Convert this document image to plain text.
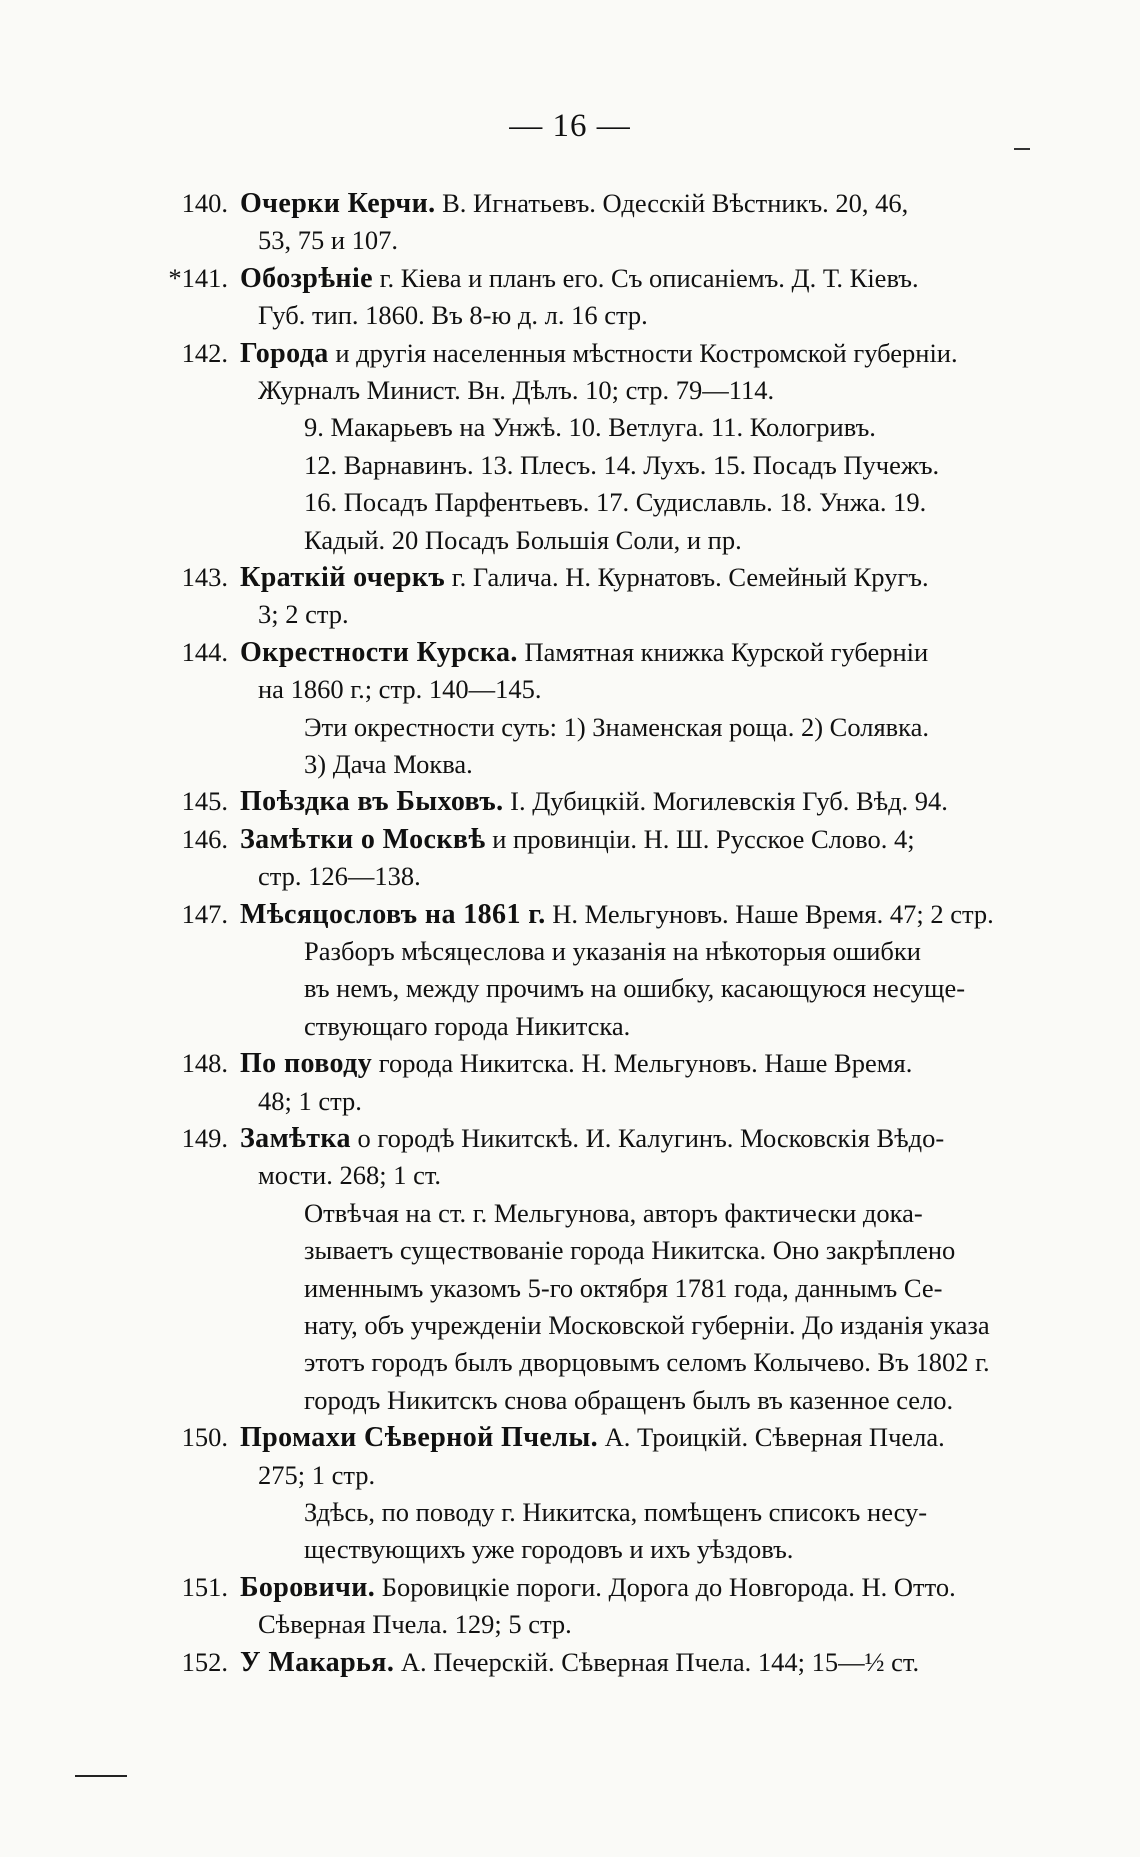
— 16 —
140. Очерки Керчи. В. Игнатьевъ. Одесскій Вѣстникъ. 20, 46,
53, 75 и 107.
*141. Обозрѣніе г. Кіева и планъ его. Съ описаніемъ. Д. Т. Кіевъ.
Губ. тип. 1860. Въ 8-ю д. л. 16 стр.
142. Города и другія населенныя мѣстности Костромской губерніи.
Журналъ Минист. Вн. Дѣлъ. 10; стр. 79—114.
9. Макарьевъ на Унжѣ. 10. Ветлуга. 11. Кологривъ.
12. Варнавинъ. 13. Плесъ. 14. Лухъ. 15. Посадъ Пучежъ.
16. Посадъ Парфентьевъ. 17. Судиславль. 18. Унжа. 19.
Кадый. 20 Посадъ Большія Соли, и пр.
143. Краткій очеркъ г. Галича. Н. Курнатовъ. Семейный Кругъ.
3; 2 стр.
144. Окрестности Курска. Памятная книжка Курской губерніи
на 1860 г.; стр. 140—145.
Эти окрестности суть: 1) Знаменская роща. 2) Солявка.
3) Дача Моква.
145. Поѣздка въ Быховъ. I. Дубицкій. Могилевскія Губ. Вѣд. 94.
146. Замѣтки о Москвѣ и провинціи. Н. Ш. Русское Слово. 4;
стр. 126—138.
147. Мѣсяцословъ на 1861 г. Н. Мельгуновъ. Наше Время. 47; 2 стр.
Разборъ мѣсяцеслова и указанія на нѣкоторыя ошибки
въ немъ, между прочимъ на ошибку, касающуюся несуще-
ствующаго города Никитска.
148. По поводу города Никитска. Н. Мельгуновъ. Наше Время.
48; 1 стр.
149. Замѣтка о городѣ Никитскѣ. И. Калугинъ. Московскія Вѣдо-
мости. 268; 1 ст.
Отвѣчая на ст. г. Мельгунова, авторъ фактически дока-
зываетъ существованіе города Никитска. Оно закрѣплено
именнымъ указомъ 5-го октября 1781 года, даннымъ Се-
нату, объ учрежденіи Московской губерніи. До изданія указа
этотъ городъ былъ дворцовымъ селомъ Колычево. Въ 1802 г.
городъ Никитскъ снова обращенъ былъ въ казенное село.
150. Промахи Сѣверной Пчелы. А. Троицкій. Сѣверная Пчела.
275; 1 стр.
Здѣсь, по поводу г. Никитска, помѣщенъ списокъ несу-
ществующихъ уже городовъ и ихъ уѣздовъ.
151. Боровичи. Боровицкіе пороги. Дорога до Новгорода. Н. Отто.
Сѣверная Пчела. 129; 5 стр.
152. У Макарья. А. Печерскій. Сѣверная Пчела. 144; 15—½ ст.
